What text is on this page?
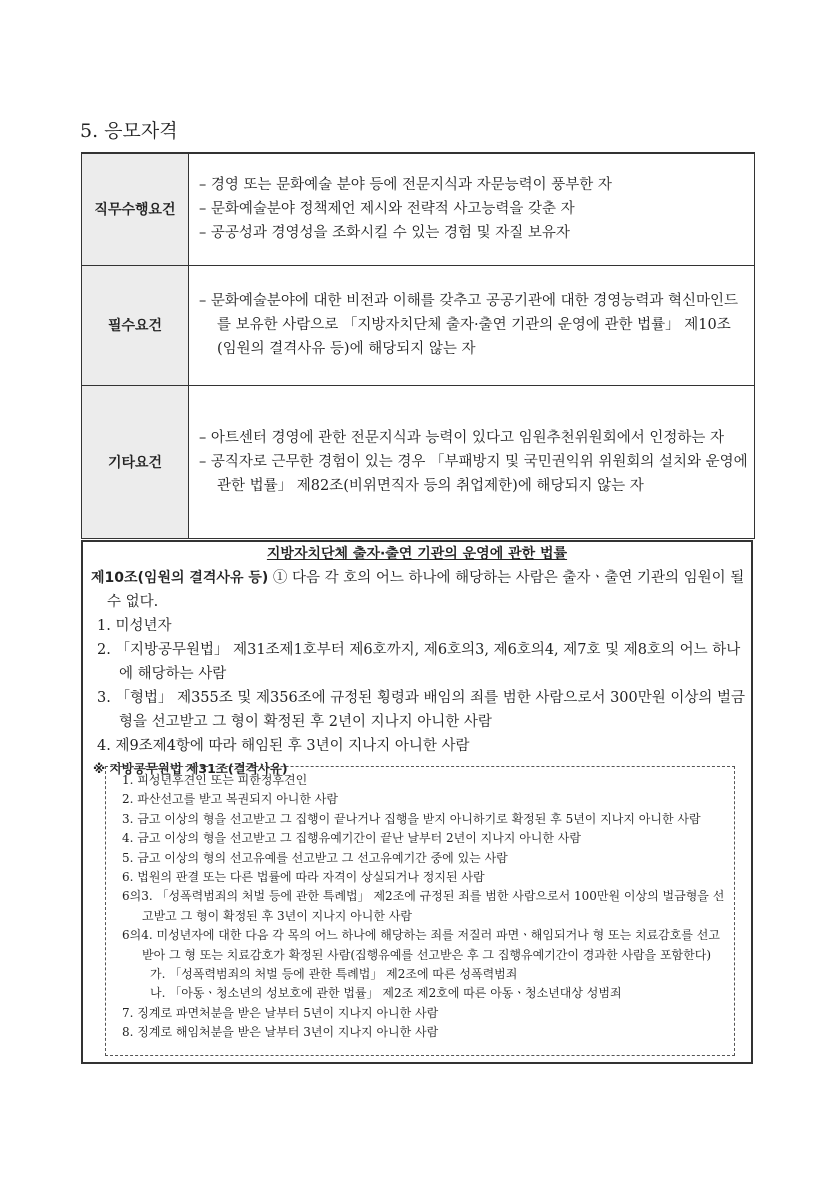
5. 응모자격
직무수행요건	– 경영 또는 문화예술 분야 등에 전문지식과 자문능력이 풍부한 자
– 문화예술분야 정책제언 제시와 전략적 사고능력을 갖춘 자
– 공공성과 경영성을 조화시킬 수 있는 경험 및 자질 보유자

필수요건	– 문화예술분야에 대한 비전과 이해를 갖추고 공공기관에 대한 경영능력과 혁신마인드를 보유한 사람으로 「지방자치단체 출자·출연 기관의 운영에 관한 법률」 제10조(임원의 결격사유 등)에 해당되지 않는 자

기타요건	– 아트센터 경영에 관한 전문지식과 능력이 있다고 임원추천위원회에서 인정하는 자
– 공직자로 근무한 경험이 있는 경우 「부패방지 및 국민권익위 위원회의 설치와 운영에 관한 법률」 제82조(비위면직자 등의 취업제한)에 해당되지 않는 자
지방자치단체 출자·출연 기관의 운영에 관한 법률
제10조(임원의 결격사유 등) ① 다음 각 호의 어느 하나에 해당하는 사람은 출자ㆍ출연 기관의 임원이 될 수 없다.
1. 미성년자
2. 「지방공무원법」 제31조제1호부터 제6호까지, 제6호의3, 제6호의4, 제7호 및 제8호의 어느 하나에 해당하는 사람
3. 「형법」 제355조 및 제356조에 규정된 횡령과 배임의 죄를 범한 사람으로서 300만원 이상의 벌금형을 선고받고 그 형이 확정된 후 2년이 지나지 아니한 사람
4. 제9조제4항에 따라 해임된 후 3년이 지나지 아니한 사람
※ 지방공무원법 제31조(결격사유)
1. 피성년후견인 또는 피한정후견인
2. 파산선고를 받고 복권되지 아니한 사람
3. 금고 이상의 형을 선고받고 그 집행이 끝나거나 집행을 받지 아니하기로 확정된 후 5년이 지나지 아니한 사람
4. 금고 이상의 형을 선고받고 그 집행유예기간이 끝난 날부터 2년이 지나지 아니한 사람
5. 금고 이상의 형의 선고유예를 선고받고 그 선고유예기간 중에 있는 사람
6. 법원의 판결 또는 다른 법률에 따라 자격이 상실되거나 정지된 사람
6의3. 「성폭력범죄의 처벌 등에 관한 특례법」 제2조에 규정된 죄를 범한 사람으로서 100만원 이상의 벌금형을 선고받고 그 형이 확정된 후 3년이 지나지 아니한 사람
6의4. 미성년자에 대한 다음 각 목의 어느 하나에 해당하는 죄를 저질러 파면ㆍ해임되거나 형 또는 치료감호를 선고받아 그 형 또는 치료감호가 확정된 사람(집행유예를 선고받은 후 그 집행유예기간이 경과한 사람을 포함한다)
가. 「성폭력범죄의 처벌 등에 관한 특례법」 제2조에 따른 성폭력범죄
나. 「아동ㆍ청소년의 성보호에 관한 법률」 제2조 제2호에 따른 아동ㆍ청소년대상 성범죄
7. 징계로 파면처분을 받은 날부터 5년이 지나지 아니한 사람
8. 징계로 해임처분을 받은 날부터 3년이 지나지 아니한 사람
